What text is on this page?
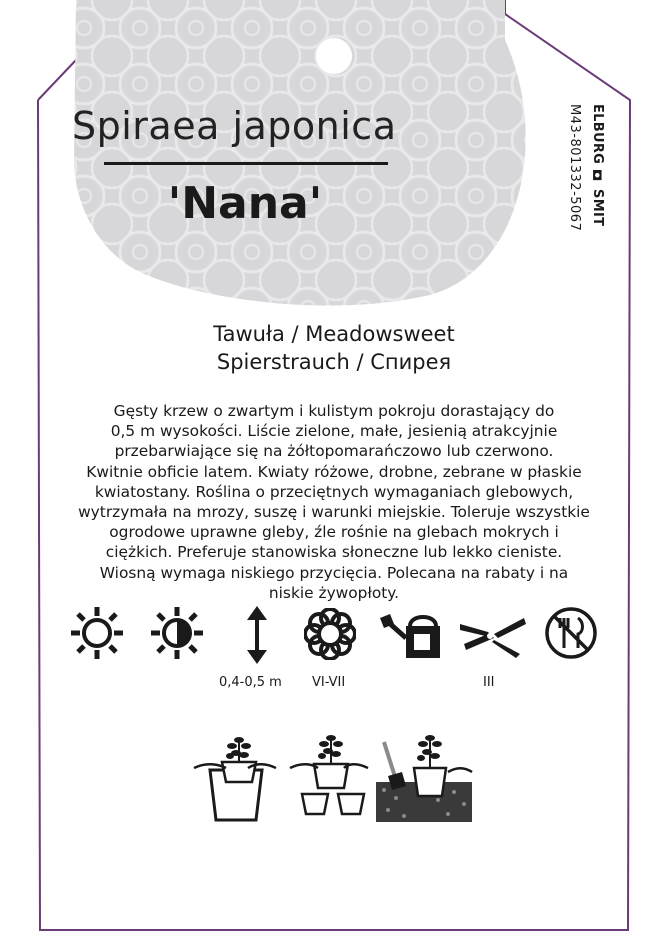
Spiraea japonica
'Nana'	ELBURG ◘ SMIT
M43-801332-5067
Tawuła / Meadowsweet
Spierstrauch / Спирея
Gęsty krzew o zwartym i kulistym pokroju dorastający do
0,5 m wysokości. Liście zielone, małe, jesienią atrakcyjnie
przebarwiające się na żółtopomarańczowo lub czerwono.
Kwitnie obficie latem. Kwiaty różowe, drobne, zebrane w płaskie
kwiatostany. Roślina o przeciętnych wymaganiach glebowych,
wytrzymała na mrozy, suszę i warunki miejskie. Toleruje wszystkie
ogrodowe uprawne gleby, źle rośnie na glebach mokrych i
ciężkich. Preferuje stanowiska słoneczne lub lekko cieniste.
Wiosną wymaga niskiego przycięcia. Polecana na rabaty i na
niskie żywopłoty.
0,4-0,5 m VI-VII	III
